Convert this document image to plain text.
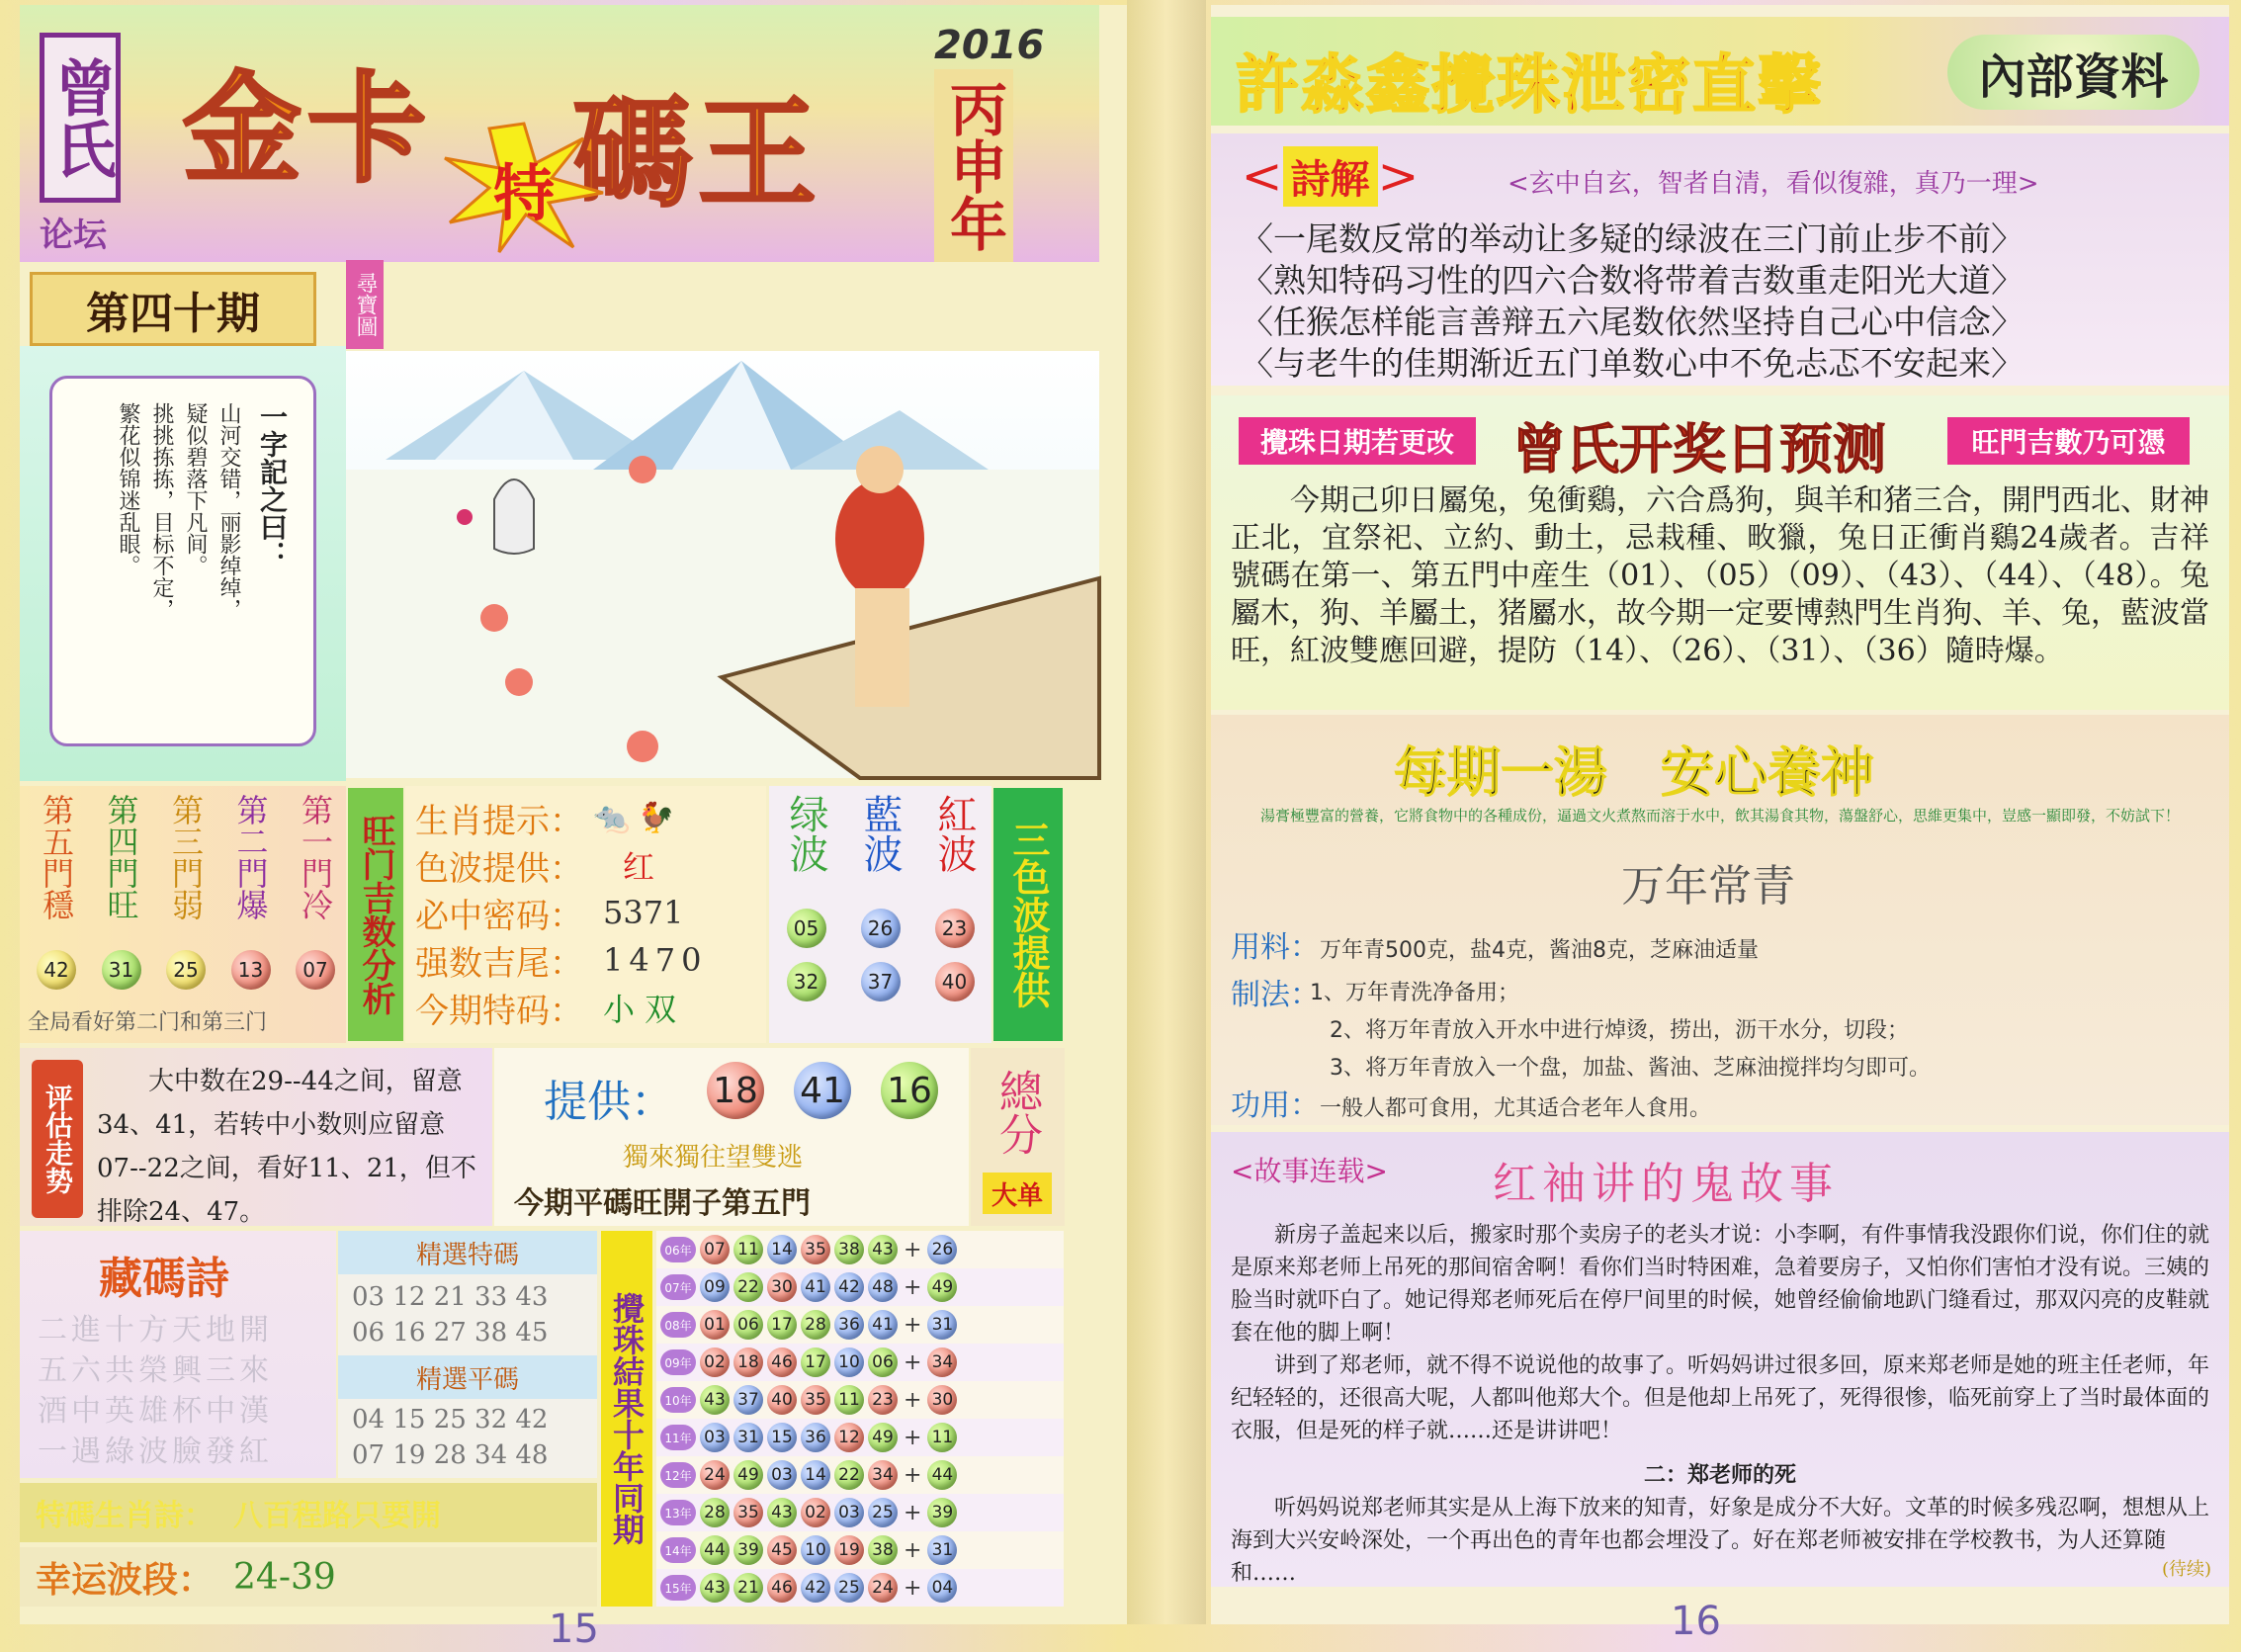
曾氏
论坛
金卡 碼王
特
2016
丙申年
第四十期	尋寶圖
一字記之曰：
山河交错，丽影绰绰，
疑似碧落下凡间。
挑挑拣拣，目标不定，
繁花似锦迷乱眼。
第五門穩
42
第四門旺
31
第三門弱
25
第二門爆
13
第一門冷
07
全局看好第二门和第三门
旺门吉数分析 生肖提示： 🐀 🐓
色波提供： 红
必中密码： 5371
强数吉尾： 1470
今期特码： 小 双
绿波 藍波 紅波
05	26	23
32	37	40	三色波提供
评估走势
大中数在29--44之间，留意34、41，若转中小数则应留意07--22之间，看好11、21，但不排除24、47。
提供： 18 41 16
獨來獨往望雙逃
今期平碼旺開子第五門
總分
大单
藏碼詩
二進十方天地開
五六共榮興三來
酒中英雄杯中漢
一遇綠波臉發紅
精選特碼
03 12 21 33 43
06 16 27 38 45
精選平碼
04 15 25 32 42
07 19 28 34 48
特碼生肖詩： 八百程路只要開
幸运波段： 24-39
攪珠結果十年同期
06年 07 11 14 35 38 43 + 26
07年 09 22 30 41 42 48 + 49
08年 01 06 17 28 36 41 + 31
09年 02 18 46 17 10 06 + 34
10年 43 37 40 35 11 23 + 30
11年 03 31 15 36 12 49 + 11
12年 24 49 03 14 22 34 + 44
13年 28 35 43 02 03 25 + 39
14年 44 39 45 10 19 38 + 31
15年 43 21 46 42 25 24 + 04
15
許淼鑫攪珠泄密直擊	內部資料
< 詩解 >	<玄中自玄，智者自清，看似復雜，真乃一理>
〈一尾数反常的举动让多疑的绿波在三门前止步不前〉
〈熟知特码习性的四六合数将带着吉数重走阳光大道〉
〈任猴怎样能言善辩五六尾数依然坚持自己心中信念〉
〈与老牛的佳期渐近五门单数心中不免忐忑不安起来〉
攪珠日期若更改	曾氏开奖日预测	旺門吉數乃可憑
今期己卯日屬兔，兔衝鷄，六合爲狗，與羊和猪三合，開門西北、財神正北，宜祭祀、立約、動土，忌栽種、畋獵，兔日正衝肖鷄24歲者。吉祥號碼在第一、第五門中産生（01）、（05）（09）、（43）、（44）、（48）。兔屬木，狗、羊屬土，猪屬水，故今期一定要博熱門生肖狗、羊、兔，藍波當旺，紅波雙應回避，提防（14）、（26）、（31）、（36）隨時爆。
每期一湯　安心養神
湯膏極豐富的營養，它將食物中的各種成份，逼過文火煮熬而溶于水中，飲其湯食其物，蕩盤舒心，思維更集中，豈感一顯即發，不妨試下！
万年常青
用料： 万年青500克，盐4克，酱油8克，芝麻油适量
制法：
1、万年青洗净备用；
2、将万年青放入开水中进行焯烫，捞出，沥干水分，切段；
3、将万年青放入一个盘，加盐、酱油、芝麻油搅拌均匀即可。
功用： 一般人都可食用，尤其适合老年人食用。
<故事连载> 红袖讲的鬼故事
新房子盖起来以后，搬家时那个卖房子的老头才说：小李啊，有件事情我没跟你们说，你们住的就是原来郑老师上吊死的那间宿舍啊！看你们当时特困难，急着要房子，又怕你们害怕才没有说。三姨的脸当时就吓白了。她记得郑老师死后在停尸间里的时候，她曾经偷偷地趴门缝看过，那双闪亮的皮鞋就套在他的脚上啊！
讲到了郑老师，就不得不说说他的故事了。听妈妈讲过很多回，原来郑老师是她的班主任老师，年纪轻轻的，还很高大呢，人都叫他郑大个。但是他却上吊死了，死得很惨，临死前穿上了当时最体面的衣服，但是死的样子就……还是讲讲吧！
二：郑老师的死
听妈妈说郑老师其实是从上海下放来的知青，好象是成分不大好。文革的时候多残忍啊，想想从上海到大兴安岭深处，一个再出色的青年也都会埋没了。好在郑老师被安排在学校教书，为人还算随和……	(待续)
16
